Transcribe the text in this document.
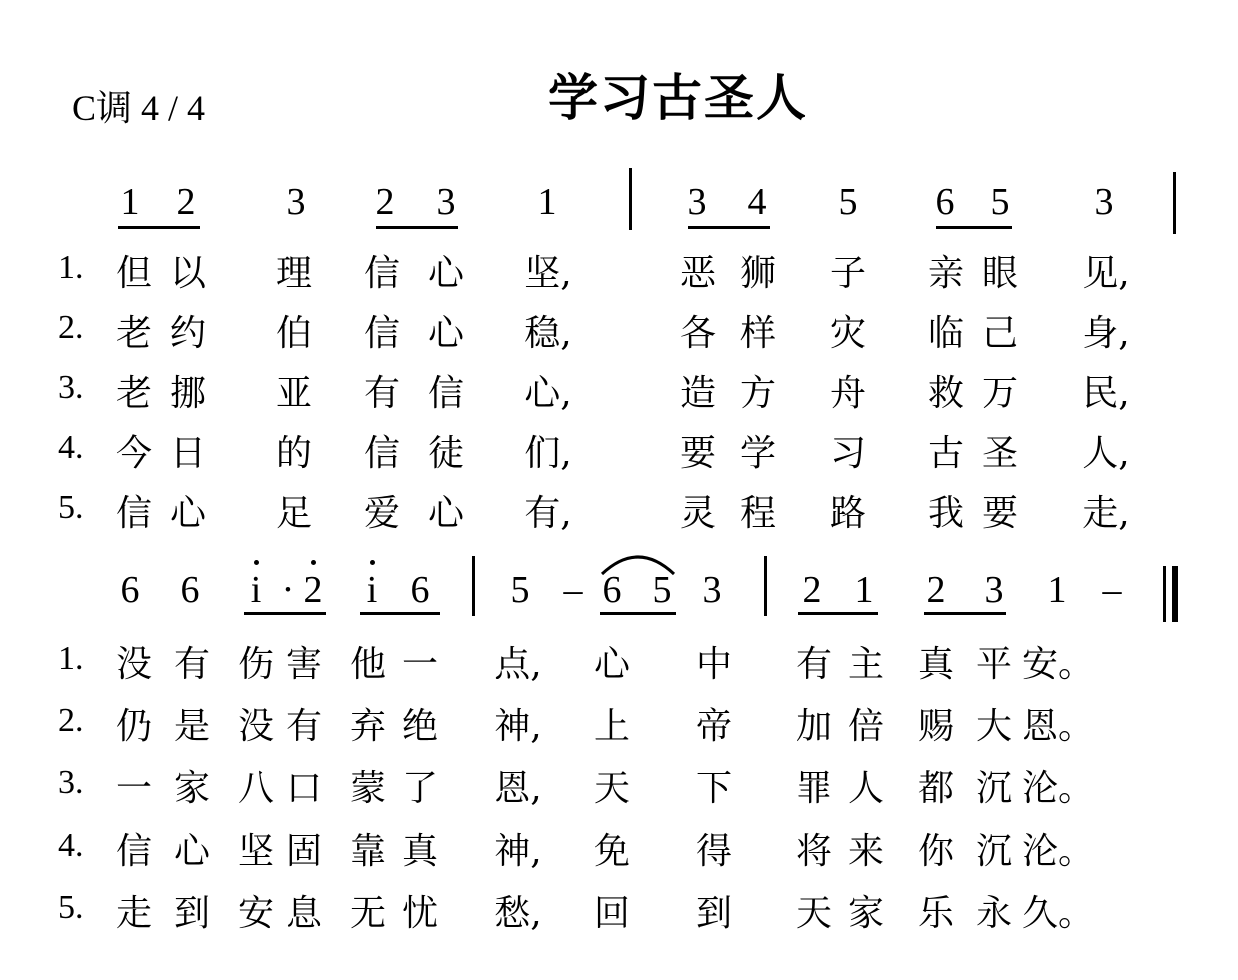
C调 4 / 4	学习古圣人
1 2 3 2 3 1	3 4 5 6 5 3
1. 但 以 理 信 心 坚,	恶 狮 子 亲 眼 见,
2. 老 约 伯 信 心 稳,	各 样 灾 临 己 身,
3. 老 挪 亚 有 信 心,	造 方 舟 救 万 民,
4. 今 日 的 信 徒 们,	要 学 习 古 圣 人,
5. 信 心 足 爱 心 有,	灵 程 路 我 要 走,
6 6 i · 2 i 6 5 – 6 5 3 2 1 2 3 1 –
1. 没 有 伤 害 他 一 点, 心 中 有 主 真 平 安。
2. 仍 是 没 有 弃 绝 神, 上 帝 加 倍 赐 大 恩。
3. 一 家 八 口 蒙 了 恩, 天 下 罪 人 都 沉 沦。
4. 信 心 坚 固 靠 真 神, 免 得 将 来 你 沉 沦。
5. 走 到 安 息 无 忧 愁, 回 到 天 家 乐 永 久。
